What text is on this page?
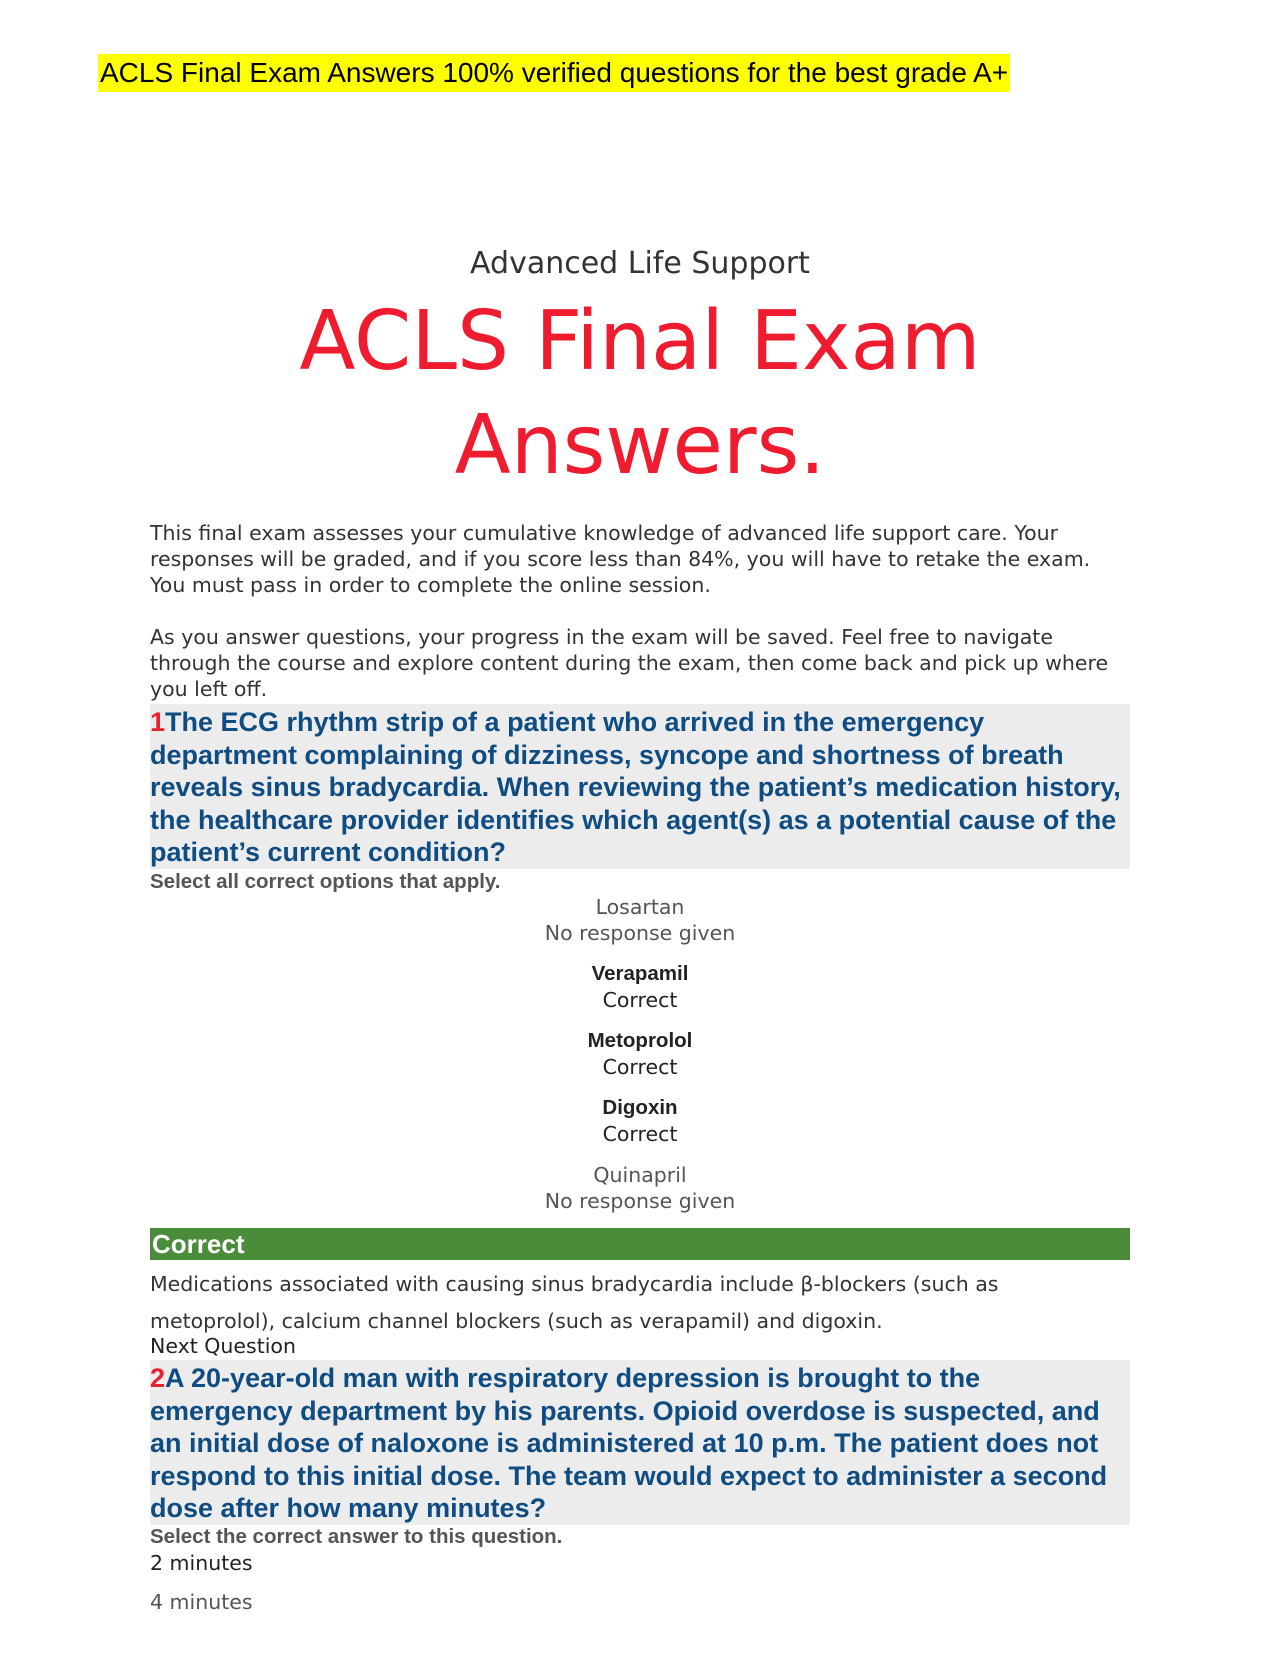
ACLS Final Exam Answers 100% verified questions for the best grade A+
Advanced Life Support
ACLS Final Exam
Answers.

This final exam assesses your cumulative knowledge of advanced life support care. Your responses will be graded, and if you score less than 84%, you will have to retake the exam. You must pass in order to complete the online session.

As you answer questions, your progress in the exam will be saved. Feel free to navigate through the course and explore content during the exam, then come back and pick up where you left off.

1The ECG rhythm strip of a patient who arrived in the emergency department complaining of dizziness, syncope and shortness of breath reveals sinus bradycardia. When reviewing the patient’s medication history, the healthcare provider identifies which agent(s) as a potential cause of the patient’s current condition?
Select all correct options that apply.
Losartan
No response given
Verapamil
Correct
Metoprolol
Correct
Digoxin
Correct
Quinapril
No response given
Correct

Medications associated with causing sinus bradycardia include β-blockers (such as metoprolol), calcium channel blockers (such as verapamil) and digoxin.

Next Question
2A 20-year-old man with respiratory depression is brought to the emergency department by his parents. Opioid overdose is suspected, and an initial dose of naloxone is administered at 10 p.m. The patient does not respond to this initial dose. The team would expect to administer a second dose after how many minutes?
Select the correct answer to this question.
2 minutes
4 minutes
